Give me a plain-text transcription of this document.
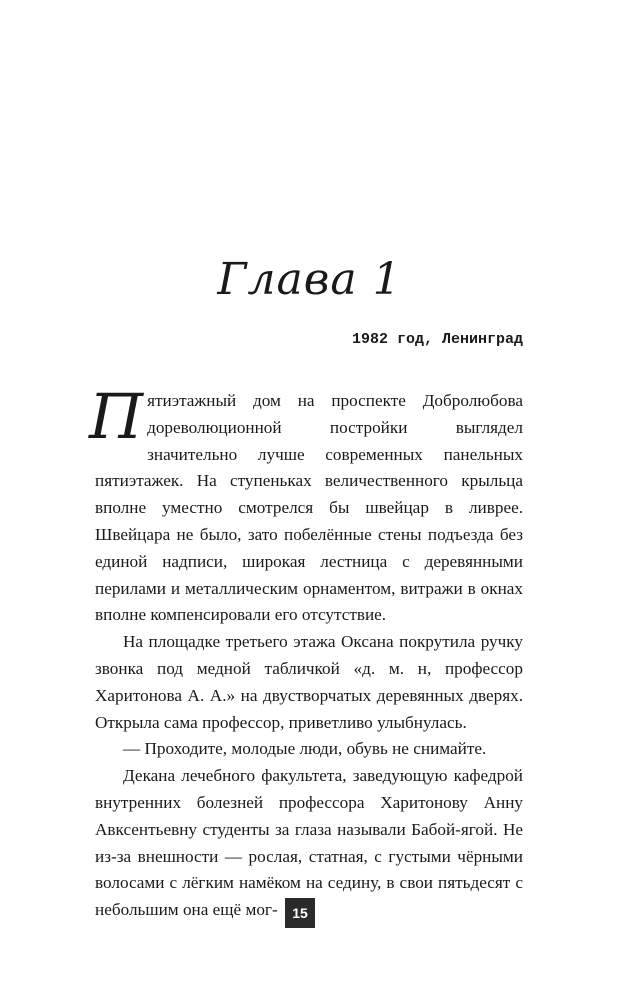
Глава 1
1982 год, Ленинград

Пятиэтажный дом на проспекте Добролюбова дореволюционной постройки выглядел значительно лучше современных панельных пятиэтажек. На ступеньках величественного крыльца вполне уместно смотрелся бы швейцар в ливрее. Швейцара не было, зато побелённые стены подъезда без единой надписи, широкая лестница с деревянными перилами и металлическим орнаментом, витражи в окнах вполне компенсировали его отсутствие.

На площадке третьего этажа Оксана покрутила ручку звонка под медной табличкой «д. м. н, профессор Харитонова А. А.» на двустворчатых деревянных дверях. Открыла сама профессор, приветливо улыбнулась.

— Проходите, молодые люди, обувь не снимайте.

Декана лечебного факультета, заведующую кафедрой внутренних болезней профессора Харитонову Анну Авксентьевну студенты за глаза называли Бабой-ягой. Не из-за внешности — рослая, статная, с густыми чёрными волосами с лёгким намёком на седину, в свои пятьдесят с небольшим она ещё мог-	15
